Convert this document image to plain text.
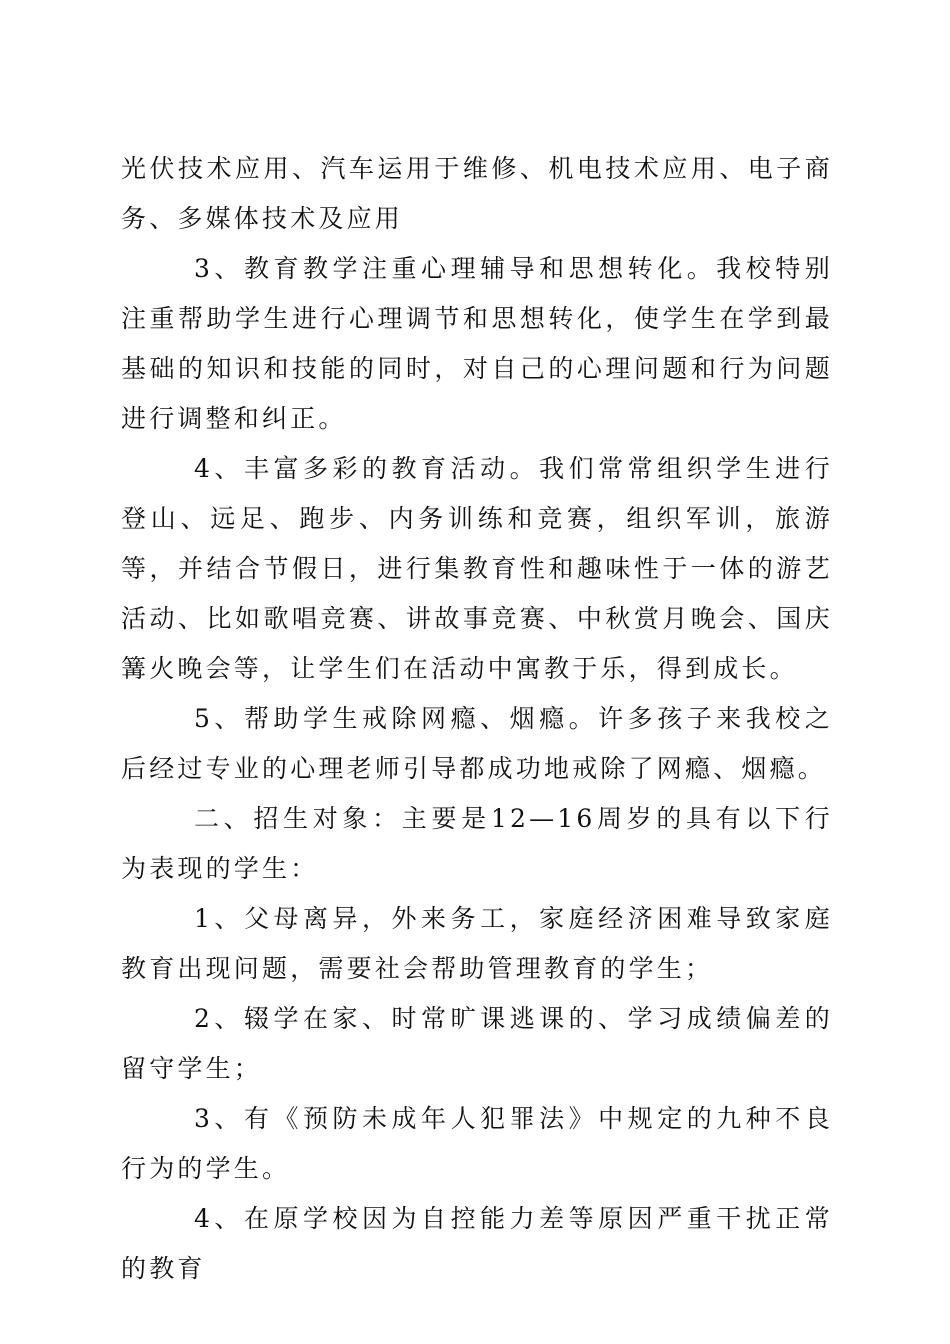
光伏技术应用、汽车运用于维修、机电技术应用、电子商务、多媒体技术及应用

3、教育教学注重心理辅导和思想转化。我校特别注重帮助学生进行心理调节和思想转化，使学生在学到最基础的知识和技能的同时，对自己的心理问题和行为问题进行调整和纠正。

4、丰富多彩的教育活动。我们常常组织学生进行登山、远足、跑步、内务训练和竞赛，组织军训，旅游等，并结合节假日，进行集教育性和趣味性于一体的游艺活动、比如歌唱竞赛、讲故事竞赛、中秋赏月晚会、国庆篝火晚会等，让学生们在活动中寓教于乐，得到成长。

5、帮助学生戒除网瘾、烟瘾。许多孩子来我校之后经过专业的心理老师引导都成功地戒除了网瘾、烟瘾。

二、招生对象：主要是12—16周岁的具有以下行为表现的学生：

1、父母离异，外来务工，家庭经济困难导致家庭教育出现问题，需要社会帮助管理教育的学生；

2、辍学在家、时常旷课逃课的、学习成绩偏差的留守学生；

3、有《预防未成年人犯罪法》中规定的九种不良行为的学生。

4、在原学校因为自控能力差等原因严重干扰正常的教育
